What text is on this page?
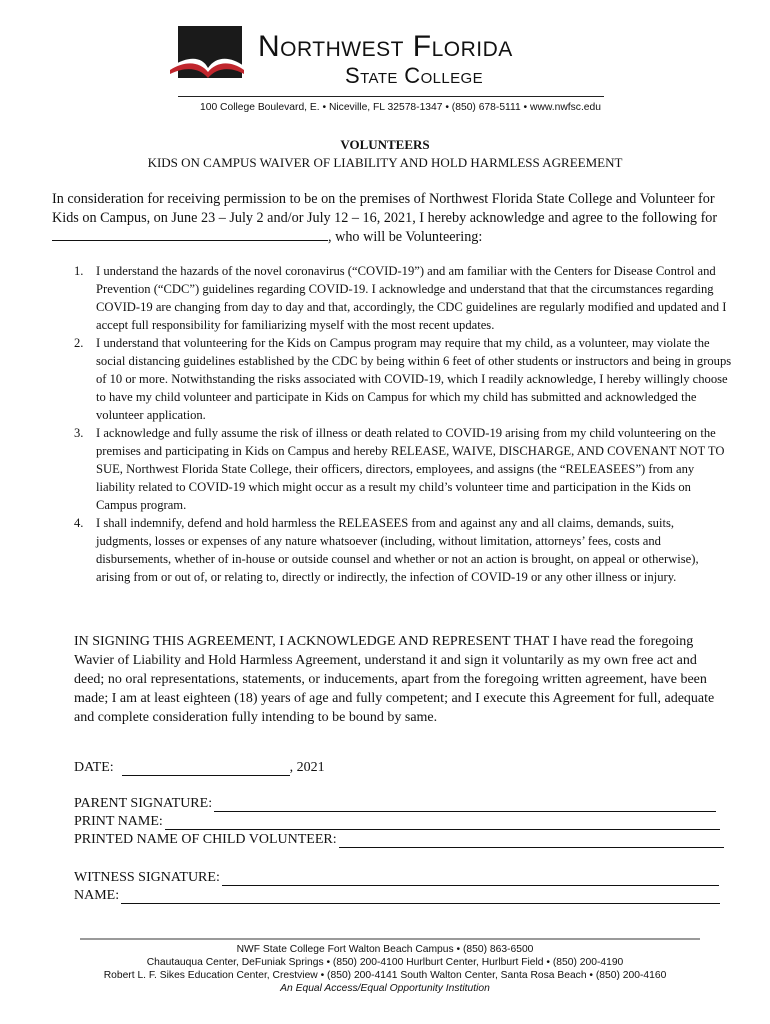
Northwest Florida
State College
100 College Boulevard, E. • Niceville, FL 32578-1347 • (850) 678-5111 • www.nwfsc.edu
VOLUNTEERS
KIDS ON CAMPUS WAIVER OF LIABILITY AND HOLD HARMLESS AGREEMENT
In consideration for receiving permission to be on the premises of Northwest Florida State College and Volunteer for Kids on Campus, on June 23 – July 2 and/or July 12 – 16, 2021, I hereby acknowledge and agree to the following for , who will be Volunteering:
1. I understand the hazards of the novel coronavirus (“COVID-19”) and am familiar with the Centers for Disease Control and Prevention (“CDC”) guidelines regarding COVID-19. I acknowledge and understand that that the circumstances regarding COVID-19 are changing from day to day and that, accordingly, the CDC guidelines are regularly modified and updated and I accept full responsibility for familiarizing myself with the most recent updates.
2. I understand that volunteering for the Kids on Campus program may require that my child, as a volunteer, may violate the social distancing guidelines established by the CDC by being within 6 feet of other students or instructors and being in groups of 10 or more. Notwithstanding the risks associated with COVID-19, which I readily acknowledge, I hereby willingly choose to have my child volunteer and participate in Kids on Campus for which my child has submitted and acknowledged the volunteer application.
3. I acknowledge and fully assume the risk of illness or death related to COVID-19 arising from my child volunteering on the premises and participating in Kids on Campus and hereby RELEASE, WAIVE, DISCHARGE, AND COVENANT NOT TO SUE, Northwest Florida State College, their officers, directors, employees, and assigns (the “RELEASEES”) from any liability related to COVID-19 which might occur as a result my child’s volunteer time and participation in the Kids on Campus program.
4. I shall indemnify, defend and hold harmless the RELEASEES from and against any and all claims, demands, suits, judgments, losses or expenses of any nature whatsoever (including, without limitation, attorneys’ fees, costs and disbursements, whether of in-house or outside counsel and whether or not an action is brought, on appeal or otherwise), arising from or out of, or relating to, directly or indirectly, the infection of COVID-19 or any other illness or injury.
IN SIGNING THIS AGREEMENT, I ACKNOWLEDGE AND REPRESENT THAT I have read the foregoing Wavier of Liability and Hold Harmless Agreement, understand it and sign it voluntarily as my own free act and deed; no oral representations, statements, or inducements, apart from the foregoing written agreement, have been made; I am at least eighteen (18) years of age and fully competent; and I execute this Agreement for full, adequate and complete consideration fully intending to be bound by same.
DATE:	, 2021
PARENT SIGNATURE:
PRINT NAME:
PRINTED NAME OF CHILD VOLUNTEER:
WITNESS SIGNATURE:
NAME:
NWF State College Fort Walton Beach Campus • (850) 863-6500
Chautauqua Center, DeFuniak Springs • (850) 200-4100 Hurlburt Center, Hurlburt Field • (850) 200-4190
Robert L. F. Sikes Education Center, Crestview • (850) 200-4141 South Walton Center, Santa Rosa Beach • (850) 200-4160
An Equal Access/Equal Opportunity Institution
